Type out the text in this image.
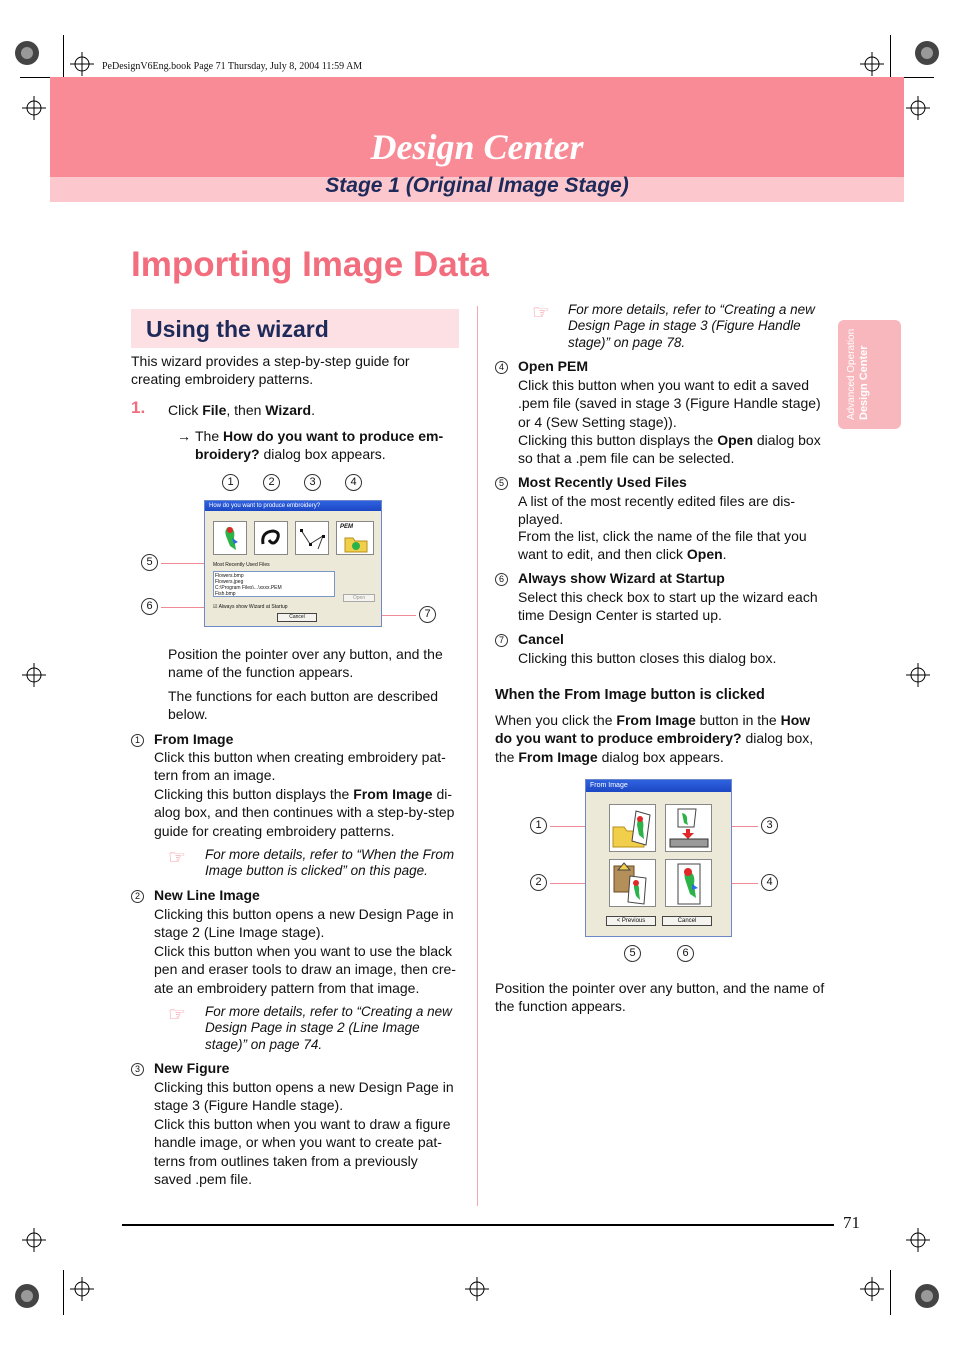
PeDesignV6Eng.book Page 71 Thursday, July 8, 2004 11:59 AM
Design Center
Stage 1 (Original Image Stage)
Importing Image Data
Advanced Operation Design Center
Using the wizard
This wizard provides a step-by-step guide for creating embroidery patterns.
1. Click File, then Wizard.
→ The How do you want to produce em-broidery? dialog box appears.
1	2	3	4
5
6
7
How do you want to produce embroidery?
PEM
Most Recently Used Files
Flowers.bmp
Flowers.jpeg
C:\Program Files\...\xxxx.PEM
Fish.bmp
Open
☑ Always show Wizard at Startup
Cancel
Position the pointer over any button, and the name of the function appears.
The functions for each button are described below.
1 From Image
Click this button when creating embroidery pat-tern from an image.
Clicking this button displays the From Image di-alog box, and then continues with a step-by-step guide for creating embroidery patterns.
☞ For more details, refer to “When the From Image button is clicked” on this page.
2 New Line Image
Clicking this button opens a new Design Page in stage 2 (Line Image stage).
Click this button when you want to use the black pen and eraser tools to draw an image, then cre-ate an embroidery pattern from that image.
☞ For more details, refer to “Creating a new Design Page in stage 2 (Line Image stage)” on page 74.
3 New Figure
Clicking this button opens a new Design Page in stage 3 (Figure Handle stage).
Click this button when you want to draw a figure handle image, or when you want to create pat-terns from outlines taken from a previously saved .pem file.
☞ For more details, refer to “Creating a new Design Page in stage 3 (Figure Handle stage)” on page 78.
4 Open PEM
Click this button when you want to edit a saved .pem file (saved in stage 3 (Figure Handle stage) or 4 (Sew Setting stage)).
Clicking this button displays the Open dialog box so that a .pem file can be selected.
5 Most Recently Used Files
A list of the most recently edited files are dis-played.
From the list, click the name of the file that you want to edit, and then click Open.
6 Always show Wizard at Startup
Select this check box to start up the wizard each time Design Center is started up.
7 Cancel
Clicking this button closes this dialog box.
When the From Image button is clicked
When you click the From Image button in the How do you want to produce embroidery? dialog box, the From Image dialog box appears.
1
2
3
4
5	6
From Image
< Previous	Cancel
Position the pointer over any button, and the name of the function appears.
71
